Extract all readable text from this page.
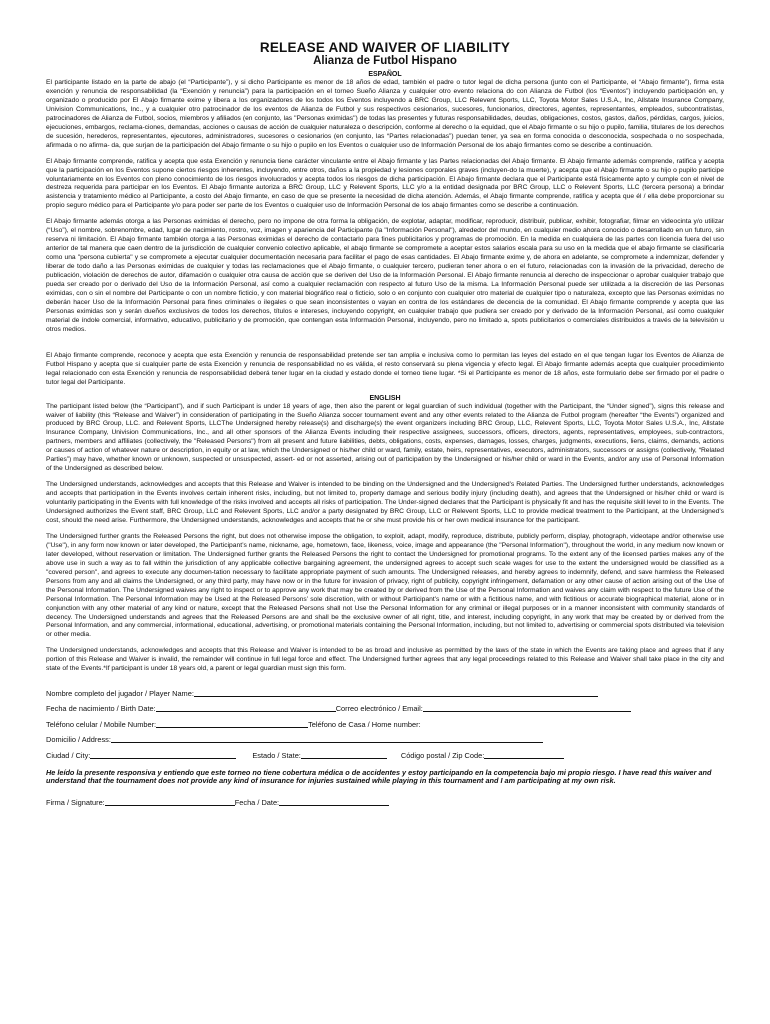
RELEASE AND WAIVER OF LIABILITY
Alianza de Futbol Hispano
ESPAÑOL

El participante listado en la parte de abajo (el “Participante”), y si dicho Participante es menor de 18 años de edad, también el padre o tutor legal de dicha persona (junto con el Participante, el “Abajo firmante”), firma esta exención y renuncia de responsabilidad (la “Exención y renuncia”) para la participación en el torneo Sueño Alianza y cualquier otro evento relaciona do con Alianza de Futbol (los “Eventos”) incluyendo participación en, y organizado o producido por El Abajo firmante exime y libera a los organizadores de los todos los Eventos incluyendo a BRC Group, LLC Relevent Sports, LLC, Toyota Motor Sales U.S.A., Inc, Allstate Insurance Company, Univision Communications, Inc., y a cualquier otro patrocinador de los eventos de Alianza de Futbol y sus respectivos cesionarios, sucesores, funcionarios, directores, agentes, representantes, empleados, subcontratistas, patrocinadores de Alianza de Futbol, socios, miembros y afiliados (en conjunto, las "Personas eximidas") de todas las presentes y futuras responsabilidades, deudas, obligaciones, costos, gastos, daños, pérdidas, cargos, juicios, ejecuciones, embargos, reclama-ciones, demandas, acciones o causas de acción de cualquier naturaleza o descripción, conforme al derecho o la equidad, que el Abajo firmante o su hijo o pupilo, familia, titulares de los derechos de sucesión, herederos, representantes, ejecutores, administradores, sucesores o cesionarios (en conjunto, las “Partes relacionadas”) puedan tener, ya sea en forma conocida o desconocida, sospechada o no sospechada, afirmada o no afirma- da, que surjan de la participación del Abajo firmante o su hijo o pupilo en los Eventos o cualquier uso de Información Personal de los abajo firmantes como se describe a continuación.

El Abajo firmante comprende, ratifica y acepta que esta Exención y renuncia tiene carácter vinculante entre el Abajo firmante y las Partes relacionadas del Abajo firmante. El Abajo firmante además comprende, ratifica y acepta que la participación en los Eventos supone ciertos riesgos inherentes, incluyendo, entre otros, daños a la propiedad y lesiones corporales graves (incluyen-do la muerte), y acepta que el Abajo firmante o su hijo o pupilo participe voluntariamente en los Eventos con pleno conocimiento de los riesgos involucrados y acepta todos los riesgos de dicha participación. El Abajo firmante declara que el Participante está físicamente apto y cumple con el nivel de destreza requerida para participar en los Eventos. El Abajo firmante autoriza a BRC Group, LLC y Relevent Sports, LLC y/o a la entidad designada por BRC Group, LLC o Relevent Sports, LLC (tercera persona) a brindar asistencia y tratamiento médico al Participante, a costo del Abajo firmante, en caso de que se presente la necesidad de dicha atención. Además, el Abajo firmante comprende, ratifica y acepta que él / ella debe proporcionar su propio seguro médico para el Participante y/o para poder ser parte de los Eventos o cualquier uso de Información Personal de los abajo firmantes como se describe a continuación.

El Abajo firmante además otorga a las Personas eximidas el derecho, pero no impone de otra forma la obligación, de explotar, adaptar, modificar, reproducir, distribuir, publicar, exhibir, fotografiar, filmar en videocinta y/o utilizar (“Uso”), el nombre, sobrenombre, edad, lugar de nacimiento, rostro, voz, imagen y apariencia del Participante (la "Información Personal"), alrededor del mundo, en cualquier medio ahora conocido o desarrollado en un futuro, sin reserva ni limitación. El Abajo firmante también otorga a las Personas eximidas el derecho de contactarlo para fines publicitarios y programas de promoción. En la medida en cualquiera de las partes con licencia fuera del uso anterior de tal manera que caen dentro de la jurisdicción de cualquier convenio colectivo aplicable, el abajo firmante se compromete a aceptar estos salarios escala para su uso en la medida que el abajo firmante se clasificaría como una "persona cubierta" y se compromete a ejecutar cualquier documentación necesaria para facilitar el pago de esas cantidades. El Abajo firmante exime y, de ahora en adelante, se compromete a indemnizar, defender y liberar de todo daño a las Personas eximidas de cualquier y todas las reclamaciones que el Abajo firmante, o cualquier tercero, pudieran tener ahora o en el futuro, relacionadas con la invasión de la privacidad, derecho de publicación, violación de derechos de autor, difamación o cualquier otra causa de acción que se deriven del Uso de la Información Personal. El Abajo firmante renuncia al derecho de inspeccionar o aprobar cualquier trabajo que pueda ser creado por o derivado del Uso de la Información Personal, así como a cualquier reclamación con respecto al futuro Uso de la misma. La Información Personal puede ser utilizada a la discreción de las Personas eximidas, con o sin el nombre del Participante o con un nombre ficticio, y con material biográfico real o ficticio, solo o en conjunto con cualquier otro material de cualquier tipo o naturaleza, excepto que las Personas eximidas no deberán hacer Uso de la Información Personal para fines criminales o ilegales o que sean inconsistentes o vayan en contra de los estándares de decencia de la comunidad. El Abajo firmante comprende y acepta que las Personas eximidas son y serán dueños exclusivos de todos los derechos, títulos e intereses, incluyendo copyright, en cualquier trabajo que pudiera ser creado por y derivado de la Información Personal, así como cualquier material de índole comercial, informativo, educativo, publicitario y de promoción, que contengan esta Información Personal, incluyendo, pero no limitado a, spots publicitarios o comerciales distribuidos a través de la televisión u otros medios.

El Abajo firmante comprende, reconoce y acepta que esta Exención y renuncia de responsabilidad pretende ser tan amplia e inclusiva como lo permitan las leyes del estado en el que tengan lugar los Eventos de Alianza de Futbol Hispano y acepta que si cualquier parte de esta Exención y renuncia de responsabilidad no es válida, el resto conservará su plena vigencia y efecto legal. El Abajo firmante además acepta que cualquier procedimiento legal relacionado con esta Exención y renuncia de responsabilidad deberá tener lugar en la ciudad y estado donde el torneo tiene lugar. *Si el Participante es menor de 18 años, este formulario debe ser firmado por el padre o tutor legal del Participante.

ENGLISH

The participant listed below (the “Participant”), and if such Participant is under 18 years of age, then also the parent or legal guardian of such individual (together with the Participant, the “Under signed”), signs this release and waiver of liability (this “Release and Waiver”) in consideration of participating in the Sueño Alianza soccer tournament event and any other events related to the Alianza de Futbol program (hereafter “the Events”) organized and produced by BRC Group, LLC. and Relevent Sports, LLCThe Undersigned hereby release(s) and discharge(s) the event organizers including BRC Group, LLC, Relevent Sports, LLC, Toyota Motor Sales U.S.A., Inc, Allstate Insurance Company, Univision Communications, Inc., and all other sponsors of the Alianza Events including their respective assignees, successors, officers, directors, agents, representatives, employees, sub-contractors, partners, members and affiliates (collectively, the "Released Persons") from all present and future liabilities, debts, obligations, costs, expenses, damages, losses, charges, judgments, executions, liens, claims, demands, actions or causes of action of whatever nature or description, in equity or at law, which the Undersigned or his/her child or ward, family, estate, heirs, representatives, executors, administrators, successors or assigns (collectively, “Related Parties”) may have, whether known or unknown, suspected or unsuspected, assert- ed or not asserted, arising out of participation by the Undersigned or his/her child or ward in the Events, and/or any use of Personal Information of the Undersigned as described below.

The Undersigned understands, acknowledges and accepts that this Release and Waiver is intended to be binding on the Undersigned and the Undersigned’s Related Parties. The Undersigned further understands, acknowledges and accepts that participation in the Events involves certain inherent risks, including, but not limited to, property damage and serious bodily injury (including death), and agrees that the Undersigned or his/her child or ward is voluntarily participating in the Events with full knowledge of the risks involved and accepts all risks of participation. The Under-signed declares that the Participant is physically fit and has the requisite skill level to in the Events. The Undersigned authorizes the Event staff, BRC Group, LLC and Relevent Sports, LLC and/or a party designated by BRC Group, LLC or Relevent Sports, LLC to provide medical treatment to the Participant, at the Undersigned’s cost, should the need arise. Furthermore, the Undersigned understands, acknowledges and accepts that he or she must provide his or her own medical insurance for the participant.

The Undersigned further grants the Released Persons the right, but does not otherwise impose the obligation, to exploit, adapt, modify, reproduce, distribute, publicly perform, display, photograph, videotape and/or otherwise use ("Use"), in any form now known or later developed, the Participant’s name, nickname, age, hometown, face, likeness, voice, image and appearance (the "Personal Information"), throughout the world, in any medium now known or later developed, without reservation or limitation. The Undersigned further grants the Released Persons the right to contact the Undersigned for promotional programs. To the extent any of the licensed parties makes any of the above use in such a way as to fall within the jurisdiction of any applicable collective bargaining agreement, the undersigned agrees to accept such scale wages for use to the extent the undersigned would be classified as a "covered person", and agrees to execute any documen-tation necessary to facilitate appropriate payment of such amounts. The Undersigned releases, and hereby agrees to indemnify, defend, and save harmless the Released Persons from any and all claims the Undersigned, or any third party, may have now or in the future for invasion of privacy, right of publicity, copyright infringement, defamation or any other cause of action arising out of the Use of the Personal Information. The Undersigned waives any right to inspect or to approve any work that may be created by or derived from the Use of the Personal Information and waives any claim with respect to the future Use of the Personal Information. The Personal Information may be Used at the Released Persons’ sole discretion, with or without Participant’s name or with a fictitious name, and with fictitious or accurate biographical material, alone or in conjunction with any other material of any kind or nature, except that the Released Persons shall not Use the Personal Information for any criminal or illegal purposes or in a manner inconsistent with community standards of decency. The Undersigned understands and agrees that the Released Persons are and shall be the exclusive owner of all right, title, and interest, including copyright, in any work that may be created by or derived from the Personal Information, and any commercial, informational, educational, advertising, or promotional materials containing the Personal Information, including, but not limited to, advertising or commercial spots distributed via television or other media.

The Undersigned understands, acknowledges and accepts that this Release and Waiver is intended to be as broad and inclusive as permitted by the laws of the state in which the Events are taking place and agrees that if any portion of this Release and Waiver is invalid, the remainder will continue in full legal force and effect. The Undersigned further agrees that any legal proceedings related to this Release and Waiver shall take place in the city and state of the Events.*If participant is under 18 years old, a parent or legal guardian must sign this form.

Nombre completo del jugador / Player Name:
Fecha de nacimiento / Birth Date:	Correo electrónico / Email:
Teléfono celular / Mobile Number:	Teléfono de Casa / Home number:
Domicilio / Address:
Ciudad / City:	Estado / State:	Código postal / Zip Code:
He leído la presente responsiva y entiendo que este torneo no tiene cobertura médica o de accidentes y estoy participando en la competencia bajo mi propio riesgo. I have read this waiver and understand that the tournament does not provide any kind of insurance for injuries sustained while playing in this tournament and I am participating at my own risk.
Firma / Signature:	Fecha / Date:
